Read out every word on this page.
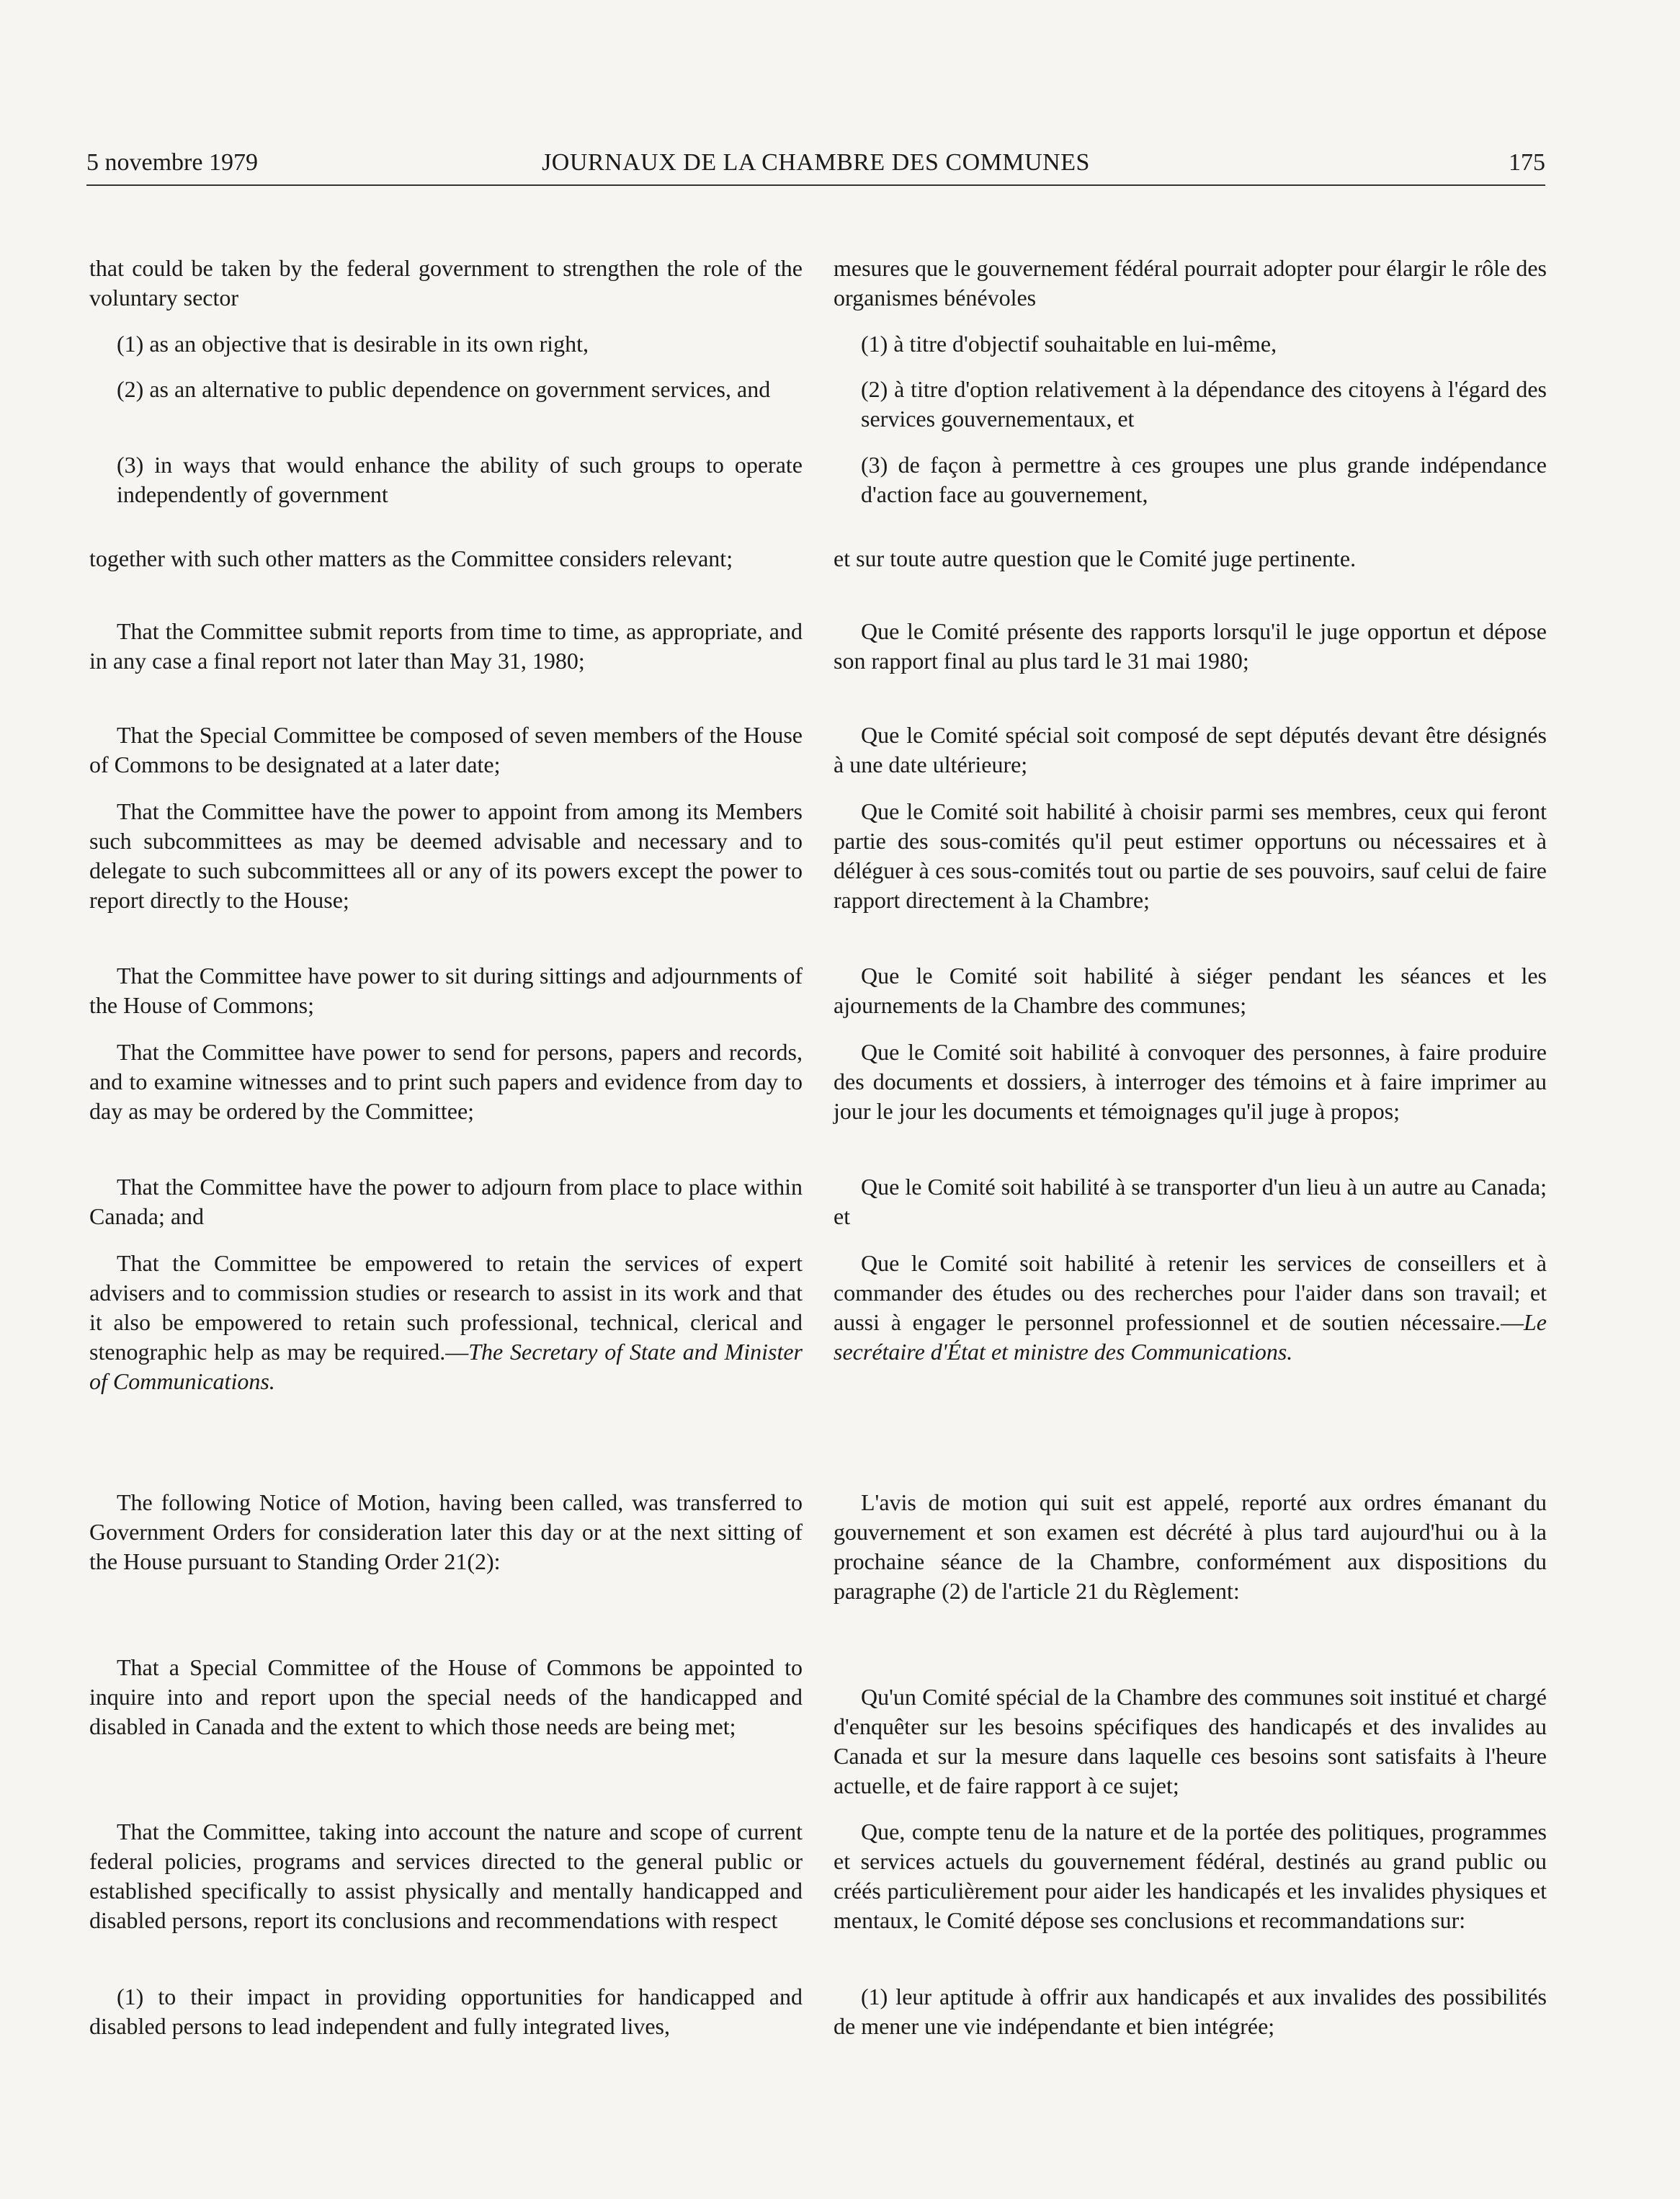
5 novembre 1979	JOURNAUX DE LA CHAMBRE DES COMMUNES	175

that could be taken by the federal government to strengthen the role of the voluntary sector

(1) as an objective that is desirable in its own right,

(2) as an alternative to public dependence on government services, and

(3) in ways that would enhance the ability of such groups to operate independently of government

together with such other matters as the Committee considers relevant;

That the Committee submit reports from time to time, as appropriate, and in any case a final report not later than May 31, 1980;

That the Special Committee be composed of seven members of the House of Commons to be designated at a later date;

That the Committee have the power to appoint from among its Members such subcommittees as may be deemed advisable and necessary and to delegate to such subcommittees all or any of its powers except the power to report directly to the House;

That the Committee have power to sit during sittings and adjournments of the House of Commons;

That the Committee have power to send for persons, papers and records, and to examine witnesses and to print such papers and evidence from day to day as may be ordered by the Committee;

That the Committee have the power to adjourn from place to place within Canada; and

That the Committee be empowered to retain the services of expert advisers and to commission studies or research to assist in its work and that it also be empowered to retain such professional, technical, clerical and stenographic help as may be required.—The Secretary of State and Minister of Communications.

The following Notice of Motion, having been called, was transferred to Government Orders for consideration later this day or at the next sitting of the House pursuant to Standing Order 21(2):

That a Special Committee of the House of Commons be appointed to inquire into and report upon the special needs of the handicapped and disabled in Canada and the extent to which those needs are being met;

That the Committee, taking into account the nature and scope of current federal policies, programs and services directed to the general public or established specifically to assist physically and mentally handicapped and disabled persons, report its conclusions and recommendations with respect

(1) to their impact in providing opportunities for handicapped and disabled persons to lead independent and fully integrated lives,

mesures que le gouvernement fédéral pourrait adopter pour élargir le rôle des organismes bénévoles

(1) à titre d'objectif souhaitable en lui-même,

(2) à titre d'option relativement à la dépendance des citoyens à l'égard des services gouvernementaux, et

(3) de façon à permettre à ces groupes une plus grande indépendance d'action face au gouvernement,

et sur toute autre question que le Comité juge pertinente.

Que le Comité présente des rapports lorsqu'il le juge opportun et dépose son rapport final au plus tard le 31 mai 1980;

Que le Comité spécial soit composé de sept députés devant être désignés à une date ultérieure;

Que le Comité soit habilité à choisir parmi ses membres, ceux qui feront partie des sous-comités qu'il peut estimer opportuns ou nécessaires et à déléguer à ces sous-comités tout ou partie de ses pouvoirs, sauf celui de faire rapport directement à la Chambre;

Que le Comité soit habilité à siéger pendant les séances et les ajournements de la Chambre des communes;

Que le Comité soit habilité à convoquer des personnes, à faire produire des documents et dossiers, à interroger des témoins et à faire imprimer au jour le jour les documents et témoignages qu'il juge à propos;

Que le Comité soit habilité à se transporter d'un lieu à un autre au Canada; et

Que le Comité soit habilité à retenir les services de conseillers et à commander des études ou des recherches pour l'aider dans son travail; et aussi à engager le personnel professionnel et de soutien nécessaire.—Le secrétaire d'État et ministre des Communications.

L'avis de motion qui suit est appelé, reporté aux ordres émanant du gouvernement et son examen est décrété à plus tard aujourd'hui ou à la prochaine séance de la Chambre, conformément aux dispositions du paragraphe (2) de l'article 21 du Règlement:

Qu'un Comité spécial de la Chambre des communes soit institué et chargé d'enquêter sur les besoins spécifiques des handicapés et des invalides au Canada et sur la mesure dans laquelle ces besoins sont satisfaits à l'heure actuelle, et de faire rapport à ce sujet;

Que, compte tenu de la nature et de la portée des politiques, programmes et services actuels du gouvernement fédéral, destinés au grand public ou créés particulièrement pour aider les handicapés et les invalides physiques et mentaux, le Comité dépose ses conclusions et recommandations sur:

(1) leur aptitude à offrir aux handicapés et aux invalides des possibilités de mener une vie indépendante et bien intégrée;
